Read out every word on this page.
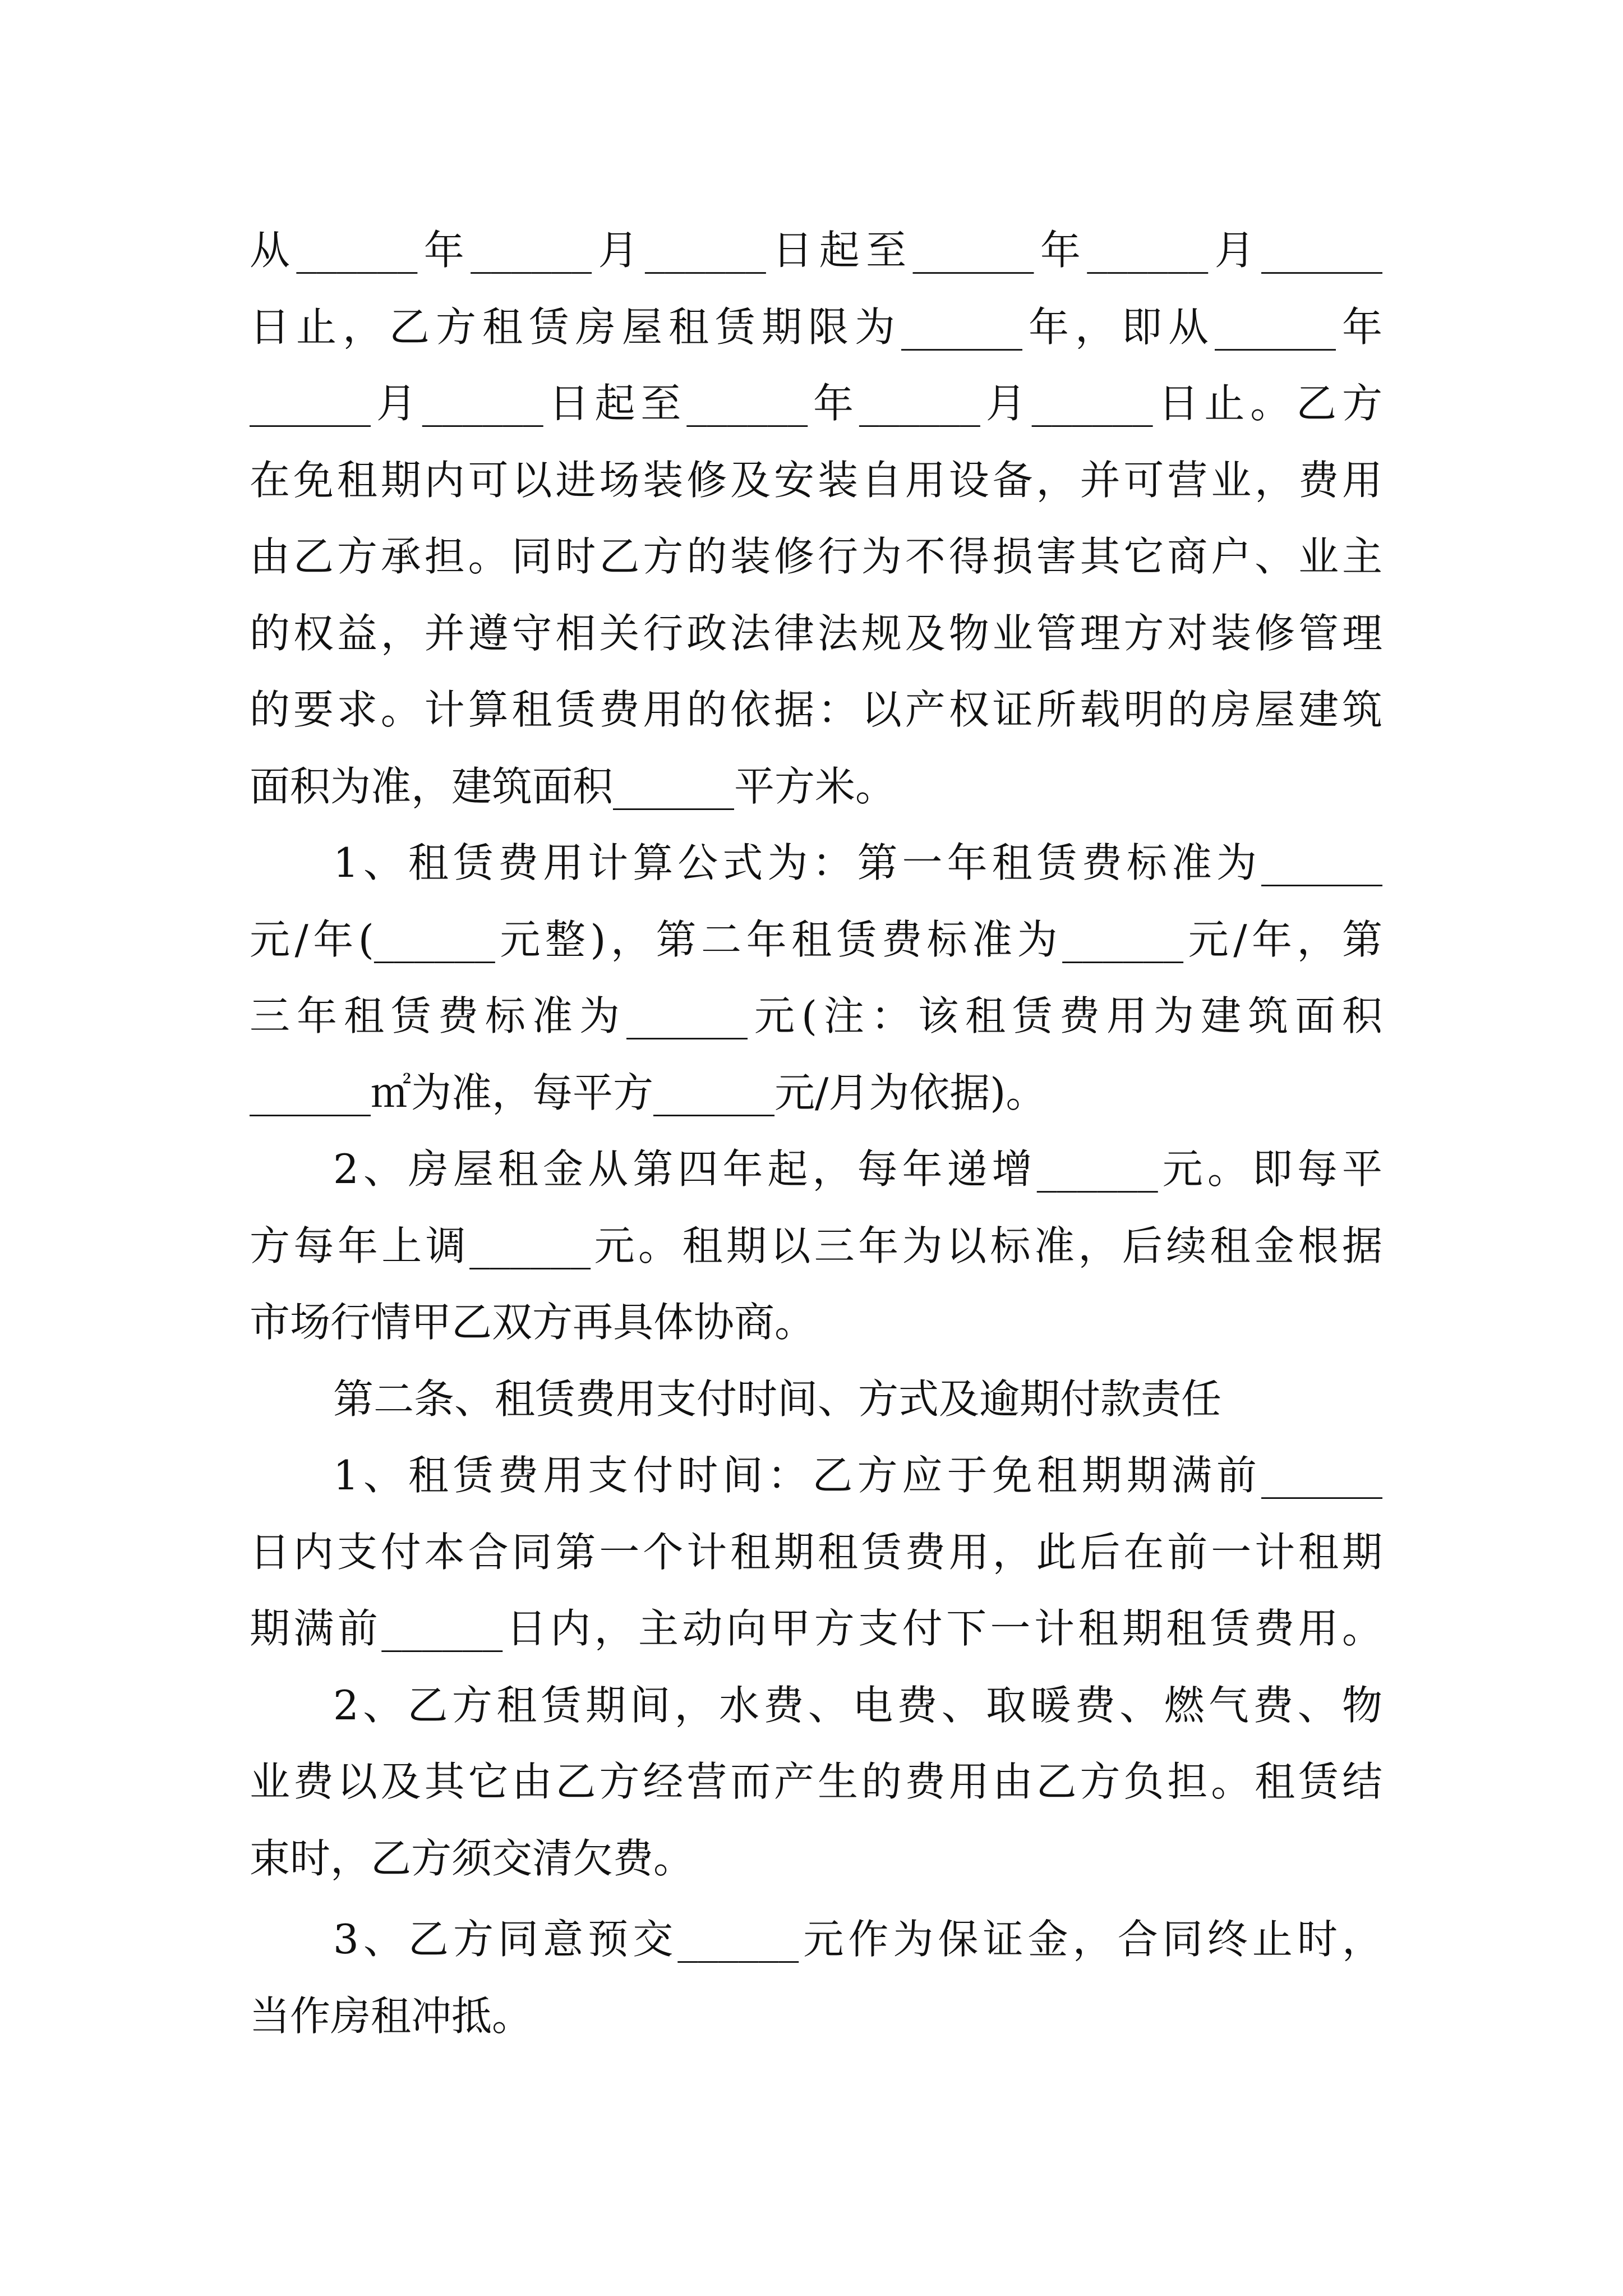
从______年______月______日起至______年______月______
日止，乙方租赁房屋租赁期限为______年，即从______年
______月______日起至______年______月______日止。乙方
在免租期内可以进场装修及安装自用设备，并可营业，费用
由乙方承担。同时乙方的装修行为不得损害其它商户、业主
的权益，并遵守相关行政法律法规及物业管理方对装修管理
的要求。计算租赁费用的依据：以产权证所载明的房屋建筑
面积为准，建筑面积______平方米。
1、租赁费用计算公式为：第一年租赁费标准为______
元/年(______元整)，第二年租赁费标准为______元/年，第
三年租赁费标准为______元(注：该租赁费用为建筑面积
______㎡为准，每平方______元/月为依据)。
2、房屋租金从第四年起，每年递增______元。即每平
方每年上调______元。租期以三年为以标准，后续租金根据
市场行情甲乙双方再具体协商。
第二条、租赁费用支付时间、方式及逾期付款责任
1、租赁费用支付时间：乙方应于免租期期满前______
日内支付本合同第一个计租期租赁费用，此后在前一计租期
期满前______日内，主动向甲方支付下一计租期租赁费用。
2、乙方租赁期间，水费、电费、取暖费、燃气费、物
业费以及其它由乙方经营而产生的费用由乙方负担。租赁结
束时，乙方须交清欠费。
3、乙方同意预交______元作为保证金，合同终止时，
当作房租冲抵。
